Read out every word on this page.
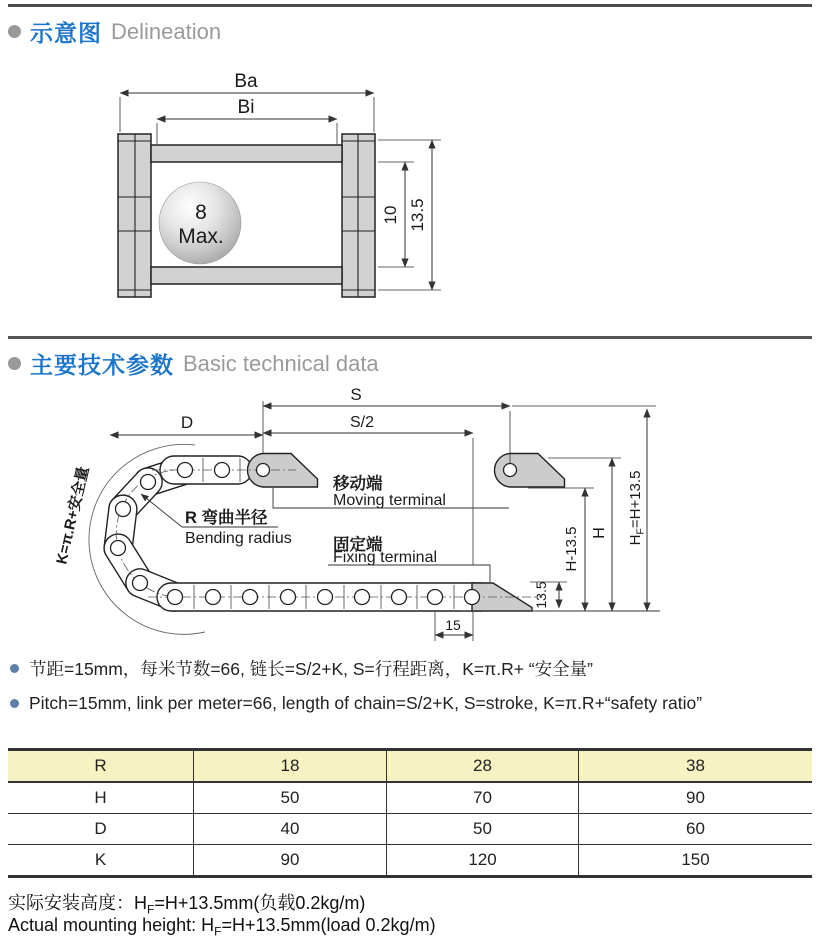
示意图 Delineation
8
Max.
Ba
Bi
10 13.5
主要技术参数 Basic technical data
D
S
S/2
移动端
Moving terminal
固定端
Fixing terminal
R 弯曲半径
Bending radius
K=π.R+安全量	H-13.5 H
$H_F=H+13.5$
13.5
15
节距=15mm，每米节数=66, 链长=S/2+K, S=行程距离，K=π.R+ “安全量”
Pitch=15mm, link per meter=66, length of chain=S/2+K, S=stroke, K=π.R+“safety ratio”
R	18	28	38
H	50	70	90
D	40	50	60
K	90	120	150
实际安装高度：$H_F=H+13.5mm$(负载0.2kg/m)
Actual mounting height: $H_F=H+13.5mm(load$ 0.2kg/m)
